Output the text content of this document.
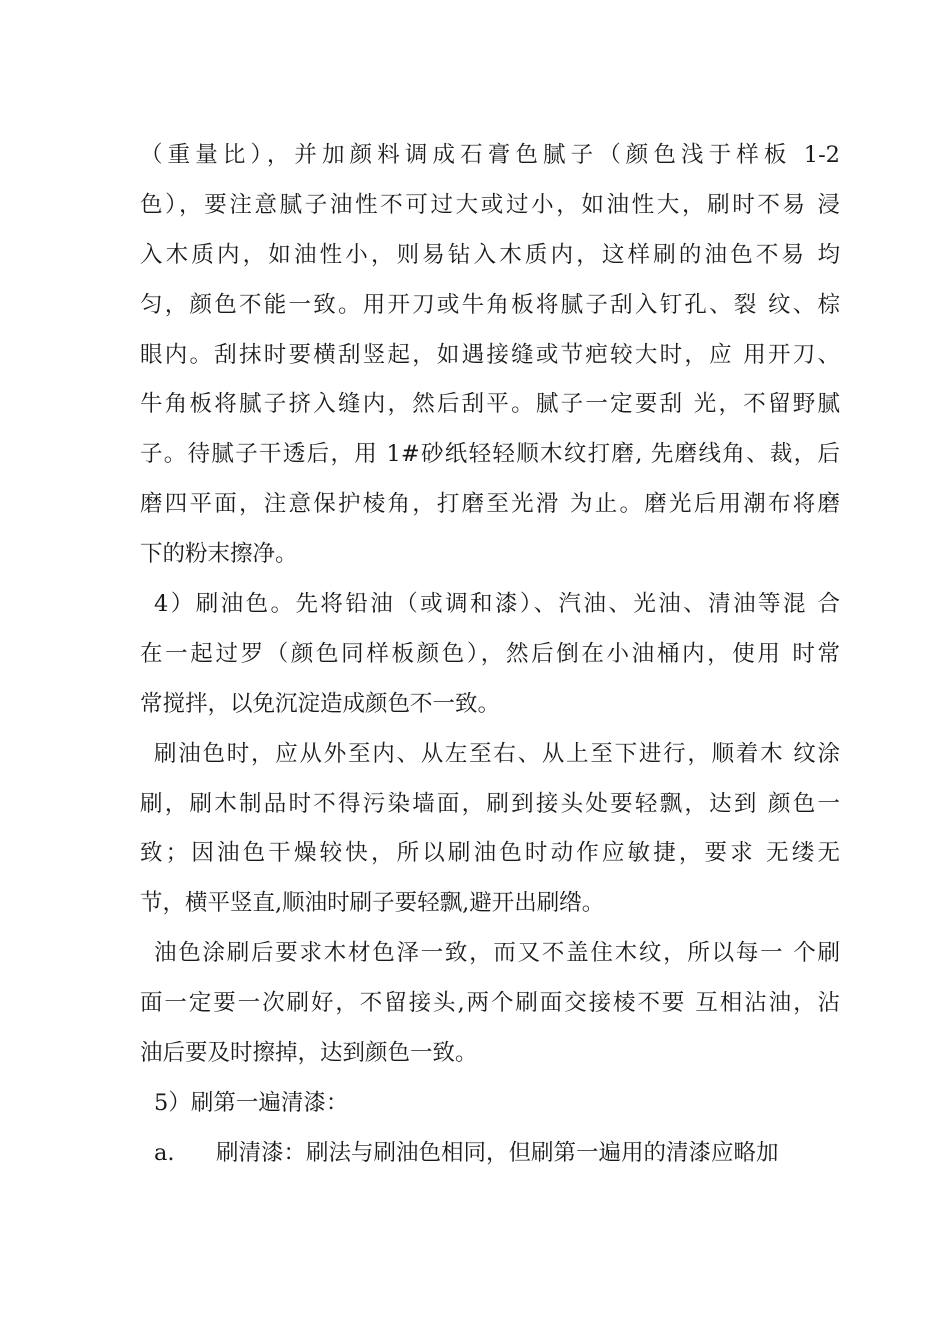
（重量比），并加颜料调成石膏色腻子（颜色浅于样板 1-2
色），要注意腻子油性不可过大或过小，如油性大，刷时不易 浸
入木质内，如油性小，则易钻入木质内，这样刷的油色不易 均
匀，颜色不能一致。用开刀或牛角板将腻子刮入钉孔、裂 纹、棕
眼内。刮抹时要横刮竖起，如遇接缝或节疤较大时，应 用开刀、
牛角板将腻子挤入缝内，然后刮平。腻子一定要刮 光，不留野腻
子。待腻子干透后，用 1#砂纸轻轻顺木纹打磨, 先磨线角、裁，后
磨四平面，注意保护棱角，打磨至光滑 为止。磨光后用潮布将磨
下的粉末擦净。
4）刷油色。先将铅油（或调和漆）、汽油、光油、清油等混 合
在一起过罗（颜色同样板颜色），然后倒在小油桶内，使用 时常
常搅拌，以免沉淀造成颜色不一致。
刷油色时，应从外至内、从左至右、从上至下进行，顺着木 纹涂
刷，刷木制品时不得污染墙面，刷到接头处要轻飘，达到 颜色一
致；因油色干燥较快，所以刷油色时动作应敏捷，要求 无缕无
节，横平竖直,顺油时刷子要轻飘,避开出刷绺。
油色涂刷后要求木材色泽一致，而又不盖住木纹，所以每一 个刷
面一定要一次刷好，不留接头,两个刷面交接棱不要 互相沾油，沾
油后要及时擦掉，达到颜色一致。
5）刷第一遍清漆：
a. 刷清漆：刷法与刷油色相同，但刷第一遍用的清漆应略加
